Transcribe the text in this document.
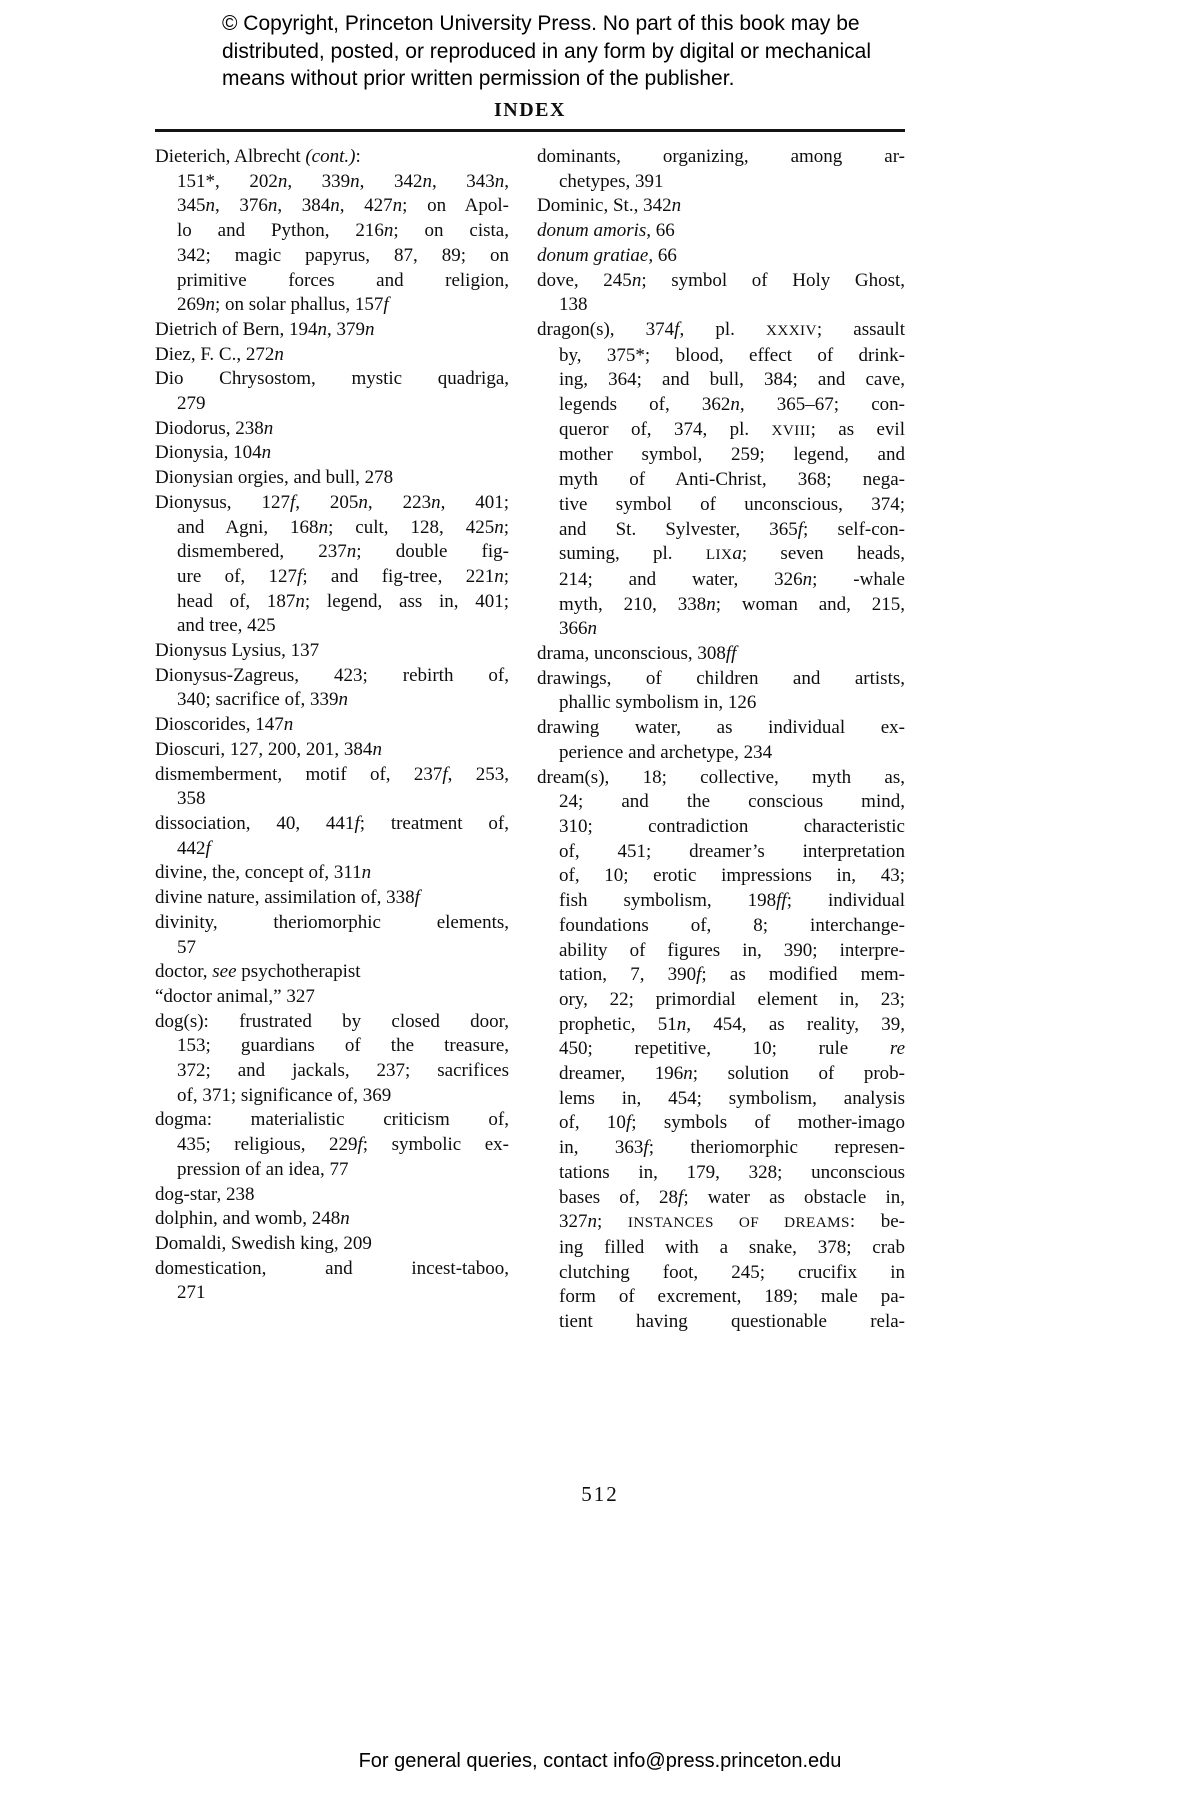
© Copyright, Princeton University Press. No part of this book may be
distributed, posted, or reproduced in any form by digital or mechanical
means without prior written permission of the publisher.
INDEX
Dieterich, Albrecht (cont.):
151*, 202n, 339n, 342n, 343n,
345n, 376n, 384n, 427n; on Apol-
lo and Python, 216n; on cista,
342; magic papyrus, 87, 89; on
primitive forces and religion,
269n; on solar phallus, 157f
Dietrich of Bern, 194n, 379n
Diez, F. C., 272n
Dio Chrysostom, mystic quadriga,
279
Diodorus, 238n
Dionysia, 104n
Dionysian orgies, and bull, 278
Dionysus, 127f, 205n, 223n, 401;
and Agni, 168n; cult, 128, 425n;
dismembered, 237n; double fig-
ure of, 127f; and fig-tree, 221n;
head of, 187n; legend, ass in, 401;
and tree, 425
Dionysus Lysius, 137
Dionysus-Zagreus, 423; rebirth of,
340; sacrifice of, 339n
Dioscorides, 147n
Dioscuri, 127, 200, 201, 384n
dismemberment, motif of, 237f, 253,
358
dissociation, 40, 441f; treatment of,
442f
divine, the, concept of, 311n
divine nature, assimilation of, 338f
divinity, theriomorphic elements,
57
doctor, see psychotherapist
“doctor animal,” 327
dog(s): frustrated by closed door,
153; guardians of the treasure,
372; and jackals, 237; sacrifices
of, 371; significance of, 369
dogma: materialistic criticism of,
435; religious, 229f; symbolic ex-
pression of an idea, 77
dog-star, 238
dolphin, and womb, 248n
Domaldi, Swedish king, 209
domestication, and incest-taboo,
271
dominants, organizing, among ar-
chetypes, 391
Dominic, St., 342n
donum amoris, 66
donum gratiae, 66
dove, 245n; symbol of Holy Ghost,
138
dragon(s), 374f, pl. XXXIV; assault
by, 375*; blood, effect of drink-
ing, 364; and bull, 384; and cave,
legends of, 362n, 365–67; con-
queror of, 374, pl. XVIII; as evil
mother symbol, 259; legend, and
myth of Anti-Christ, 368; nega-
tive symbol of unconscious, 374;
and St. Sylvester, 365f; self-con-
suming, pl. LIXa; seven heads,
214; and water, 326n; -whale
myth, 210, 338n; woman and, 215,
366n
drama, unconscious, 308ff
drawings, of children and artists,
phallic symbolism in, 126
drawing water, as individual ex-
perience and archetype, 234
dream(s), 18; collective, myth as,
24; and the conscious mind,
310; contradiction characteristic
of, 451; dreamer’s interpretation
of, 10; erotic impressions in, 43;
fish symbolism, 198ff; individual
foundations of, 8; interchange-
ability of figures in, 390; interpre-
tation, 7, 390f; as modified mem-
ory, 22; primordial element in, 23;
prophetic, 51n, 454, as reality, 39,
450; repetitive, 10; rule re
dreamer, 196n; solution of prob-
lems in, 454; symbolism, analysis
of, 10f; symbols of mother-imago
in, 363f; theriomorphic represen-
tations in, 179, 328; unconscious
bases of, 28f; water as obstacle in,
327n; INSTANCES OF DREAMS: be-
ing filled with a snake, 378; crab
clutching foot, 245; crucifix in
form of excrement, 189; male pa-
tient having questionable rela-
512
For general queries, contact info@press.princeton.edu
